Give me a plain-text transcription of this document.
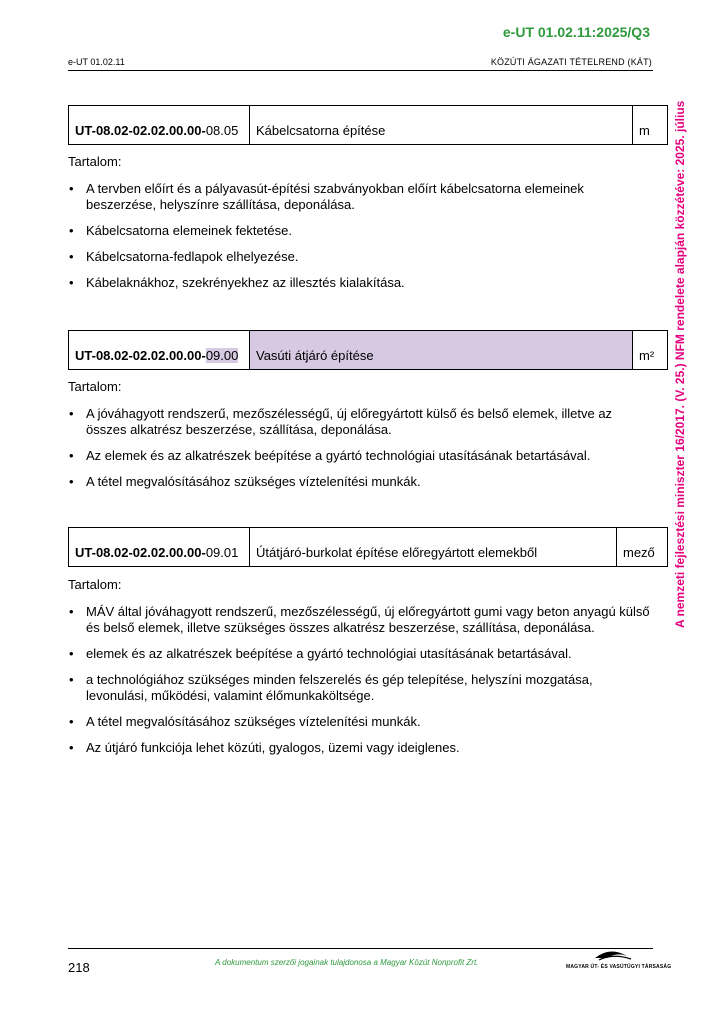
e-UT 01.02.11:2025/Q3
e-UT 01.02.11	KÖZÚTI ÁGAZATI TÉTELREND (KÁT)
A nemzeti fejlesztési miniszter 16/2017. (V. 25.) NFM rendelete alapján közzétéve: 2025. július
UT-08.02-02.02.00.00-08.05	Kábelcsatorna építése	m
Tartalom:
• A tervben előírt és a pályavasút-építési szabványokban előírt kábelcsatorna elemeinek beszerzése, helyszínre szállítása, deponálása.
• Kábelcsatorna elemeinek fektetése.
• Kábelcsatorna-fedlapok elhelyezése.
• Kábelaknákhoz, szekrényekhez az illesztés kialakítása.
UT-08.02-02.02.00.00-09.00	Vasúti átjáró építése	m²
Tartalom:
• A jóváhagyott rendszerű, mezőszélességű, új előregyártott külső és belső elemek, illetve az összes alkatrész beszerzése, szállítása, deponálása.
• Az elemek és az alkatrészek beépítése a gyártó technológiai utasításának betartásával.
• A tétel megvalósításához szükséges víztelenítési munkák.
UT-08.02-02.02.00.00-09.01	Útátjáró-burkolat építése előregyártott elemekből	mező
Tartalom:
• MÁV által jóváhagyott rendszerű, mezőszélességű, új előregyártott gumi vagy beton anyagú külső és belső elemek, illetve szükséges összes alkatrész beszerzése, szállítása, deponálása.
• elemek és az alkatrészek beépítése a gyártó technológiai utasításának betartásával.
• a technológiához szükséges minden felszerelés és gép telepítése, helyszíni mozgatása, levonulási, működési, valamint élőmunkaköltsége.
• A tétel megvalósításához szükséges víztelenítési munkák.
• Az útjáró funkciója lehet közúti, gyalogos, üzemi vagy ideiglenes.
218	A dokumentum szerzői jogainak tulajdonosa a Magyar Közút Nonprofit Zrt.	MAGYAR ÚT- ÉS VASÚTÜGYI TÁRSASÁG
